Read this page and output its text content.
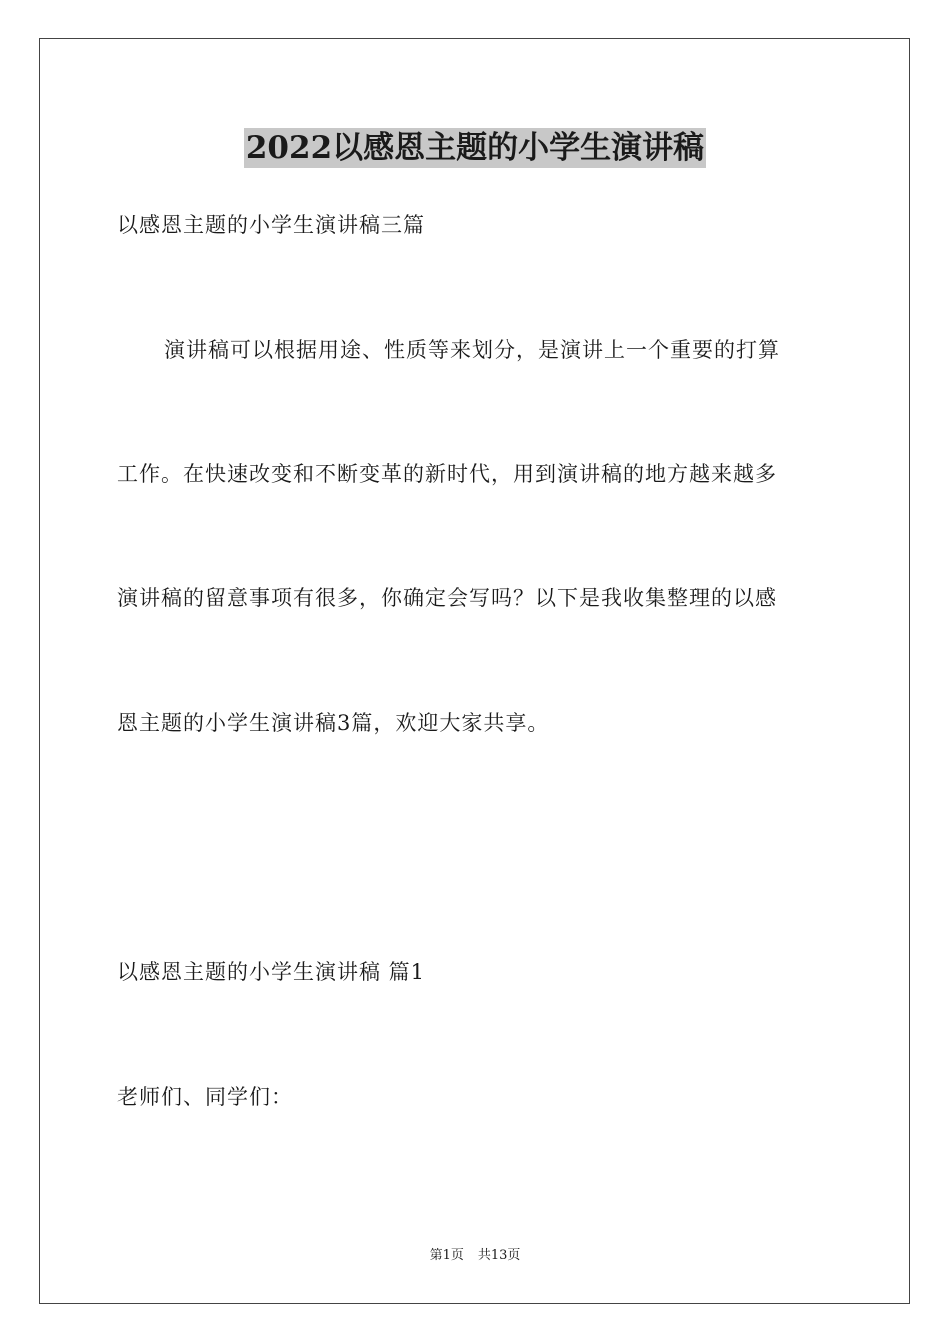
2022以感恩主题的小学生演讲稿
以感恩主题的小学生演讲稿三篇
演讲稿可以根据用途、性质等来划分，是演讲上一个重要的打算
工作。在快速改变和不断变革的新时代，用到演讲稿的地方越来越多
演讲稿的留意事项有很多，你确定会写吗？以下是我收集整理的以感
恩主题的小学生演讲稿3篇，欢迎大家共享。
以感恩主题的小学生演讲稿 篇1
老师们、同学们：
第1页 共13页
